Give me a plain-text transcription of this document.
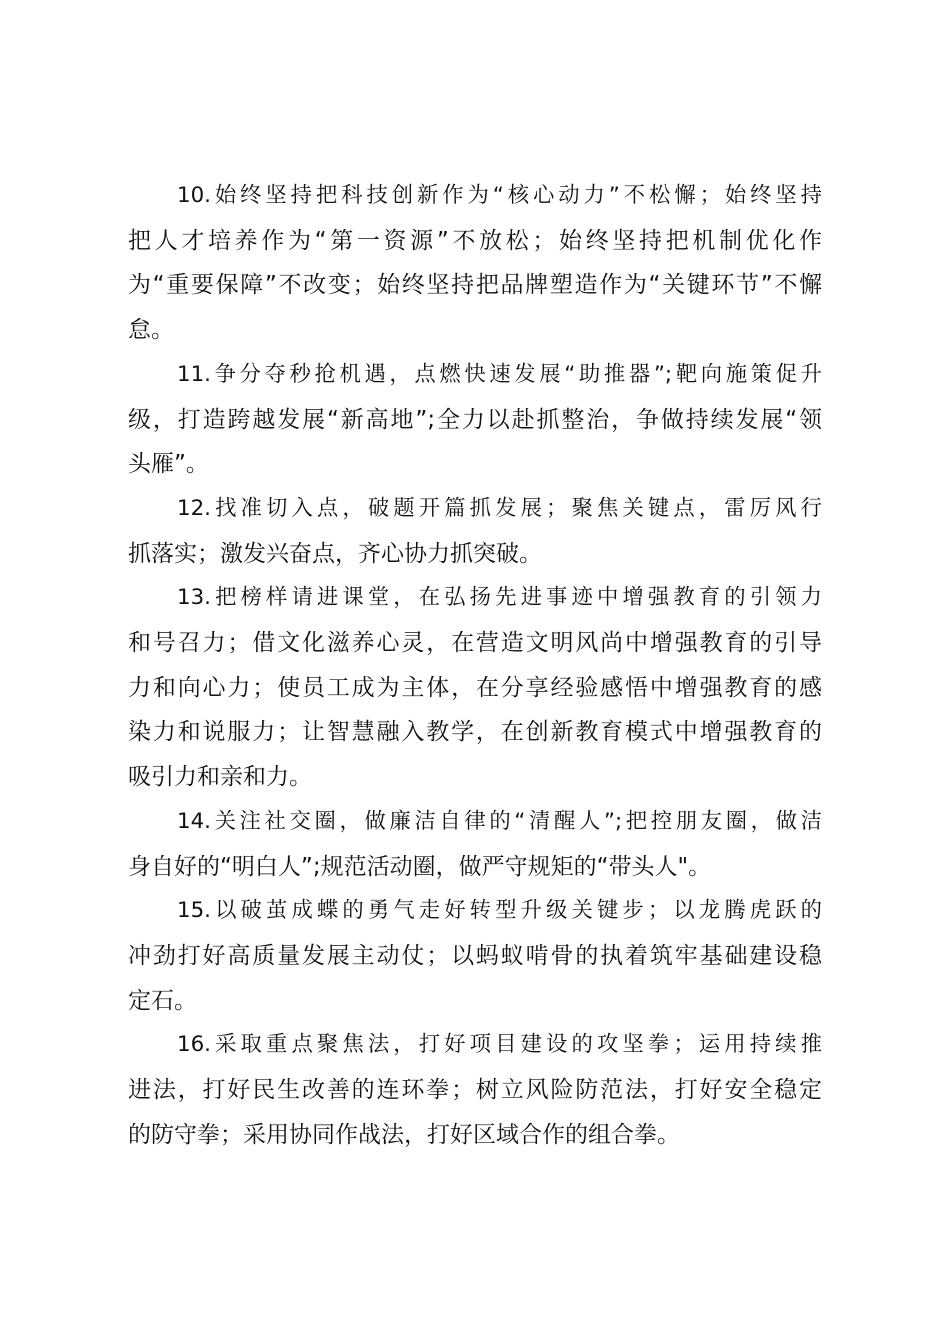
10.始终坚持把科技创新作为“核心动力”不松懈；始终坚持
把人才培养作为“第一资源”不放松；始终坚持把机制优化作
为“重要保障”不改变；始终坚持把品牌塑造作为“关键环节”不懈
怠。

11.争分夺秒抢机遇，点燃快速发展“助推器”;靶向施策促升
级，打造跨越发展“新高地”;全力以赴抓整治，争做持续发展“领
头雁”。

12.找准切入点，破题开篇抓发展；聚焦关键点，雷厉风行
抓落实；激发兴奋点，齐心协力抓突破。

13.把榜样请进课堂，在弘扬先进事迹中增强教育的引领力
和号召力；借文化滋养心灵，在营造文明风尚中增强教育的引导
力和向心力；使员工成为主体，在分享经验感悟中增强教育的感
染力和说服力；让智慧融入教学，在创新教育模式中增强教育的
吸引力和亲和力。

14.关注社交圈，做廉洁自律的“清醒人”;把控朋友圈，做洁
身自好的“明白人”;规范活动圈，做严守规矩的“带头人"。

15.以破茧成蝶的勇气走好转型升级关键步；以龙腾虎跃的
冲劲打好高质量发展主动仗；以蚂蚁啃骨的执着筑牢基础建设稳
定石。

16.采取重点聚焦法，打好项目建设的攻坚拳；运用持续推
进法，打好民生改善的连环拳；树立风险防范法，打好安全稳定
的防守拳；采用协同作战法，打好区域合作的组合拳。
